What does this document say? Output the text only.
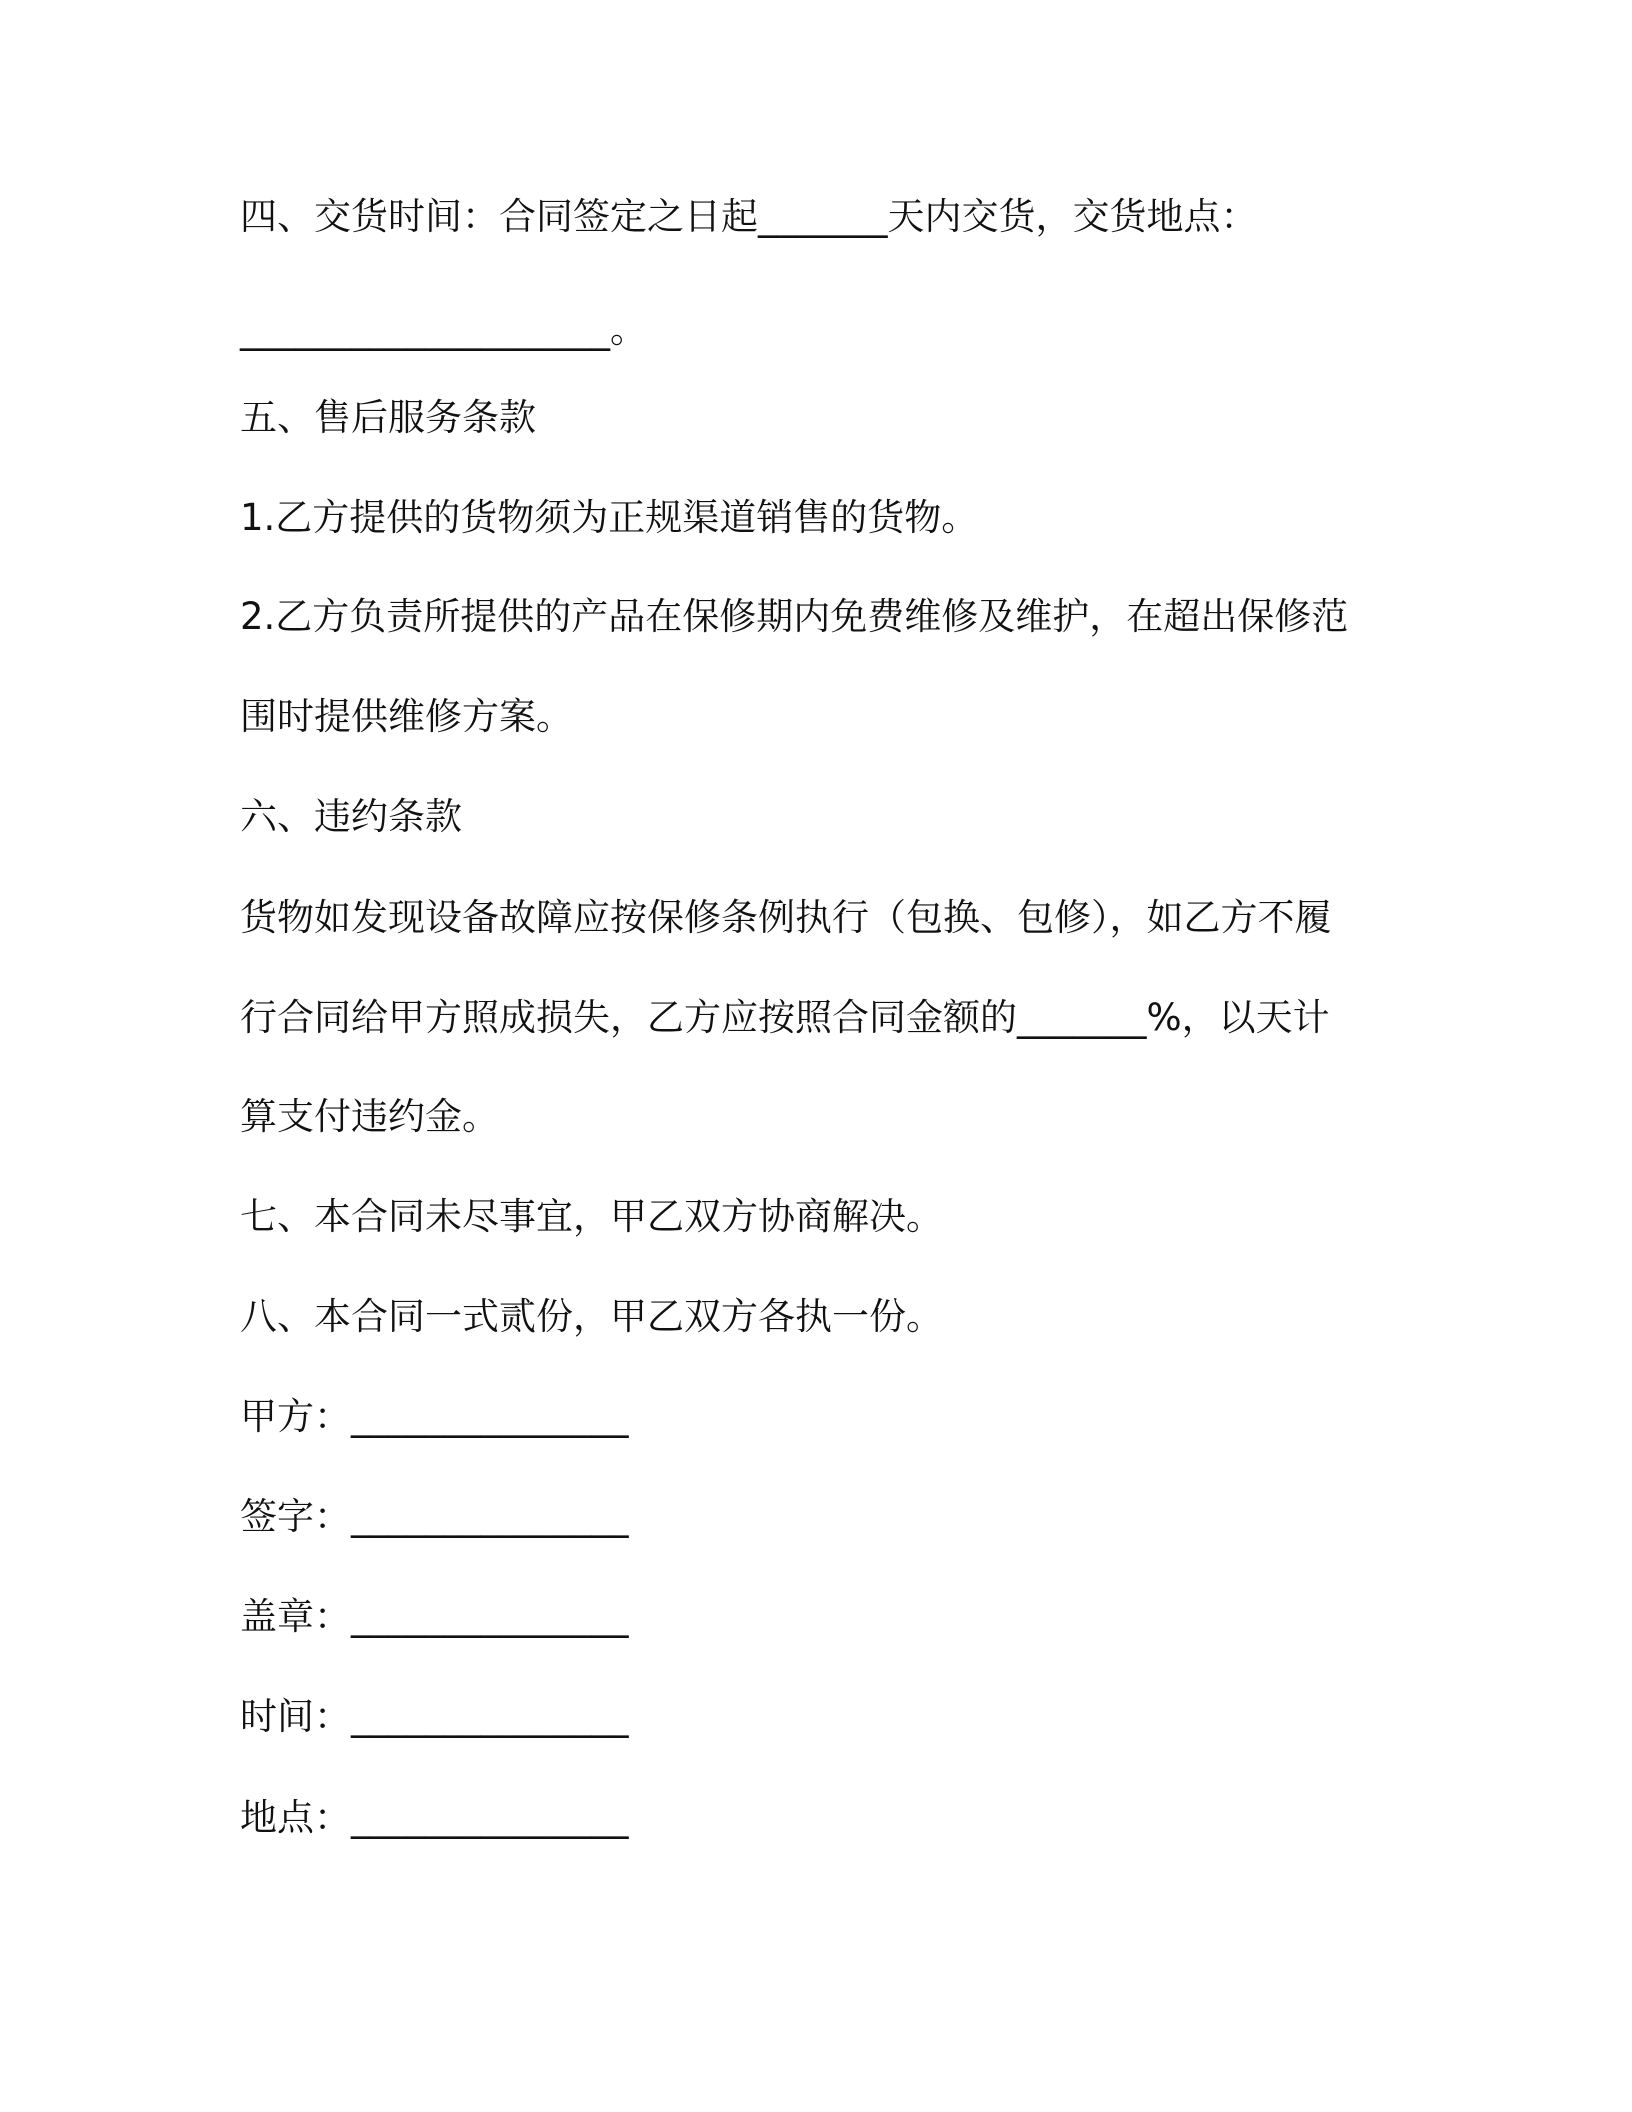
四、交货时间：合同签定之日起_______天内交货，交货地点：
____________________。
五、售后服务条款
1.乙方提供的货物须为正规渠道销售的货物。
2.乙方负责所提供的产品在保修期内免费维修及维护，在超出保修范
围时提供维修方案。
六、违约条款
货物如发现设备故障应按保修条例执行（包换、包修），如乙方不履
行合同给甲方照成损失，乙方应按照合同金额的_______%，以天计
算支付违约金。
七、本合同未尽事宜，甲乙双方协商解决。
八、本合同一式贰份，甲乙双方各执一份。
甲方：_______________
签字：_______________
盖章：_______________
时间：_______________
地点：_______________
